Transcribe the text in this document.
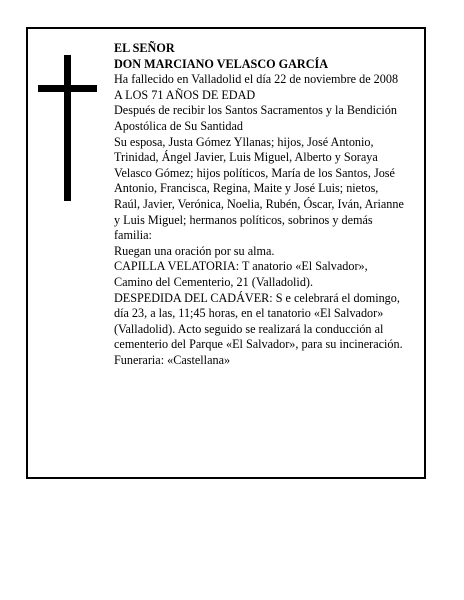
EL SEÑOR

DON MARCIANO VELASCO GARCÍA

Ha fallecido en Valladolid el día 22 de noviembre de 2008

A LOS 71 AÑOS DE EDAD

Después de recibir los Santos Sacramentos y la Bendición Apostólica de Su Santidad

Su esposa, Justa Gómez Yllanas; hijos, José Antonio, Trinidad, Ángel Javier, Luis Miguel, Alberto y Soraya Velasco Gómez; hijos políticos, María de los Santos, José Antonio, Francisca, Regina, Maite y José Luis; nietos, Raúl, Javier, Verónica, Noelia, Rubén, Óscar, Iván, Arianne y Luis Miguel; hermanos políticos, sobrinos y demás familia:

Ruegan una oración por su alma.

CAPILLA VELATORIA: T anatorio «El Salvador», Camino del Cementerio, 21 (Valladolid).

DESPEDIDA DEL CADÁVER: S e celebrará el domingo, día 23, a las, 11;45 horas, en el tanatorio «El Salvador» (Valladolid). Acto seguido se realizará la conducción al cementerio del Parque «El Salvador», para su incineración.

Funeraria: «Castellana»
